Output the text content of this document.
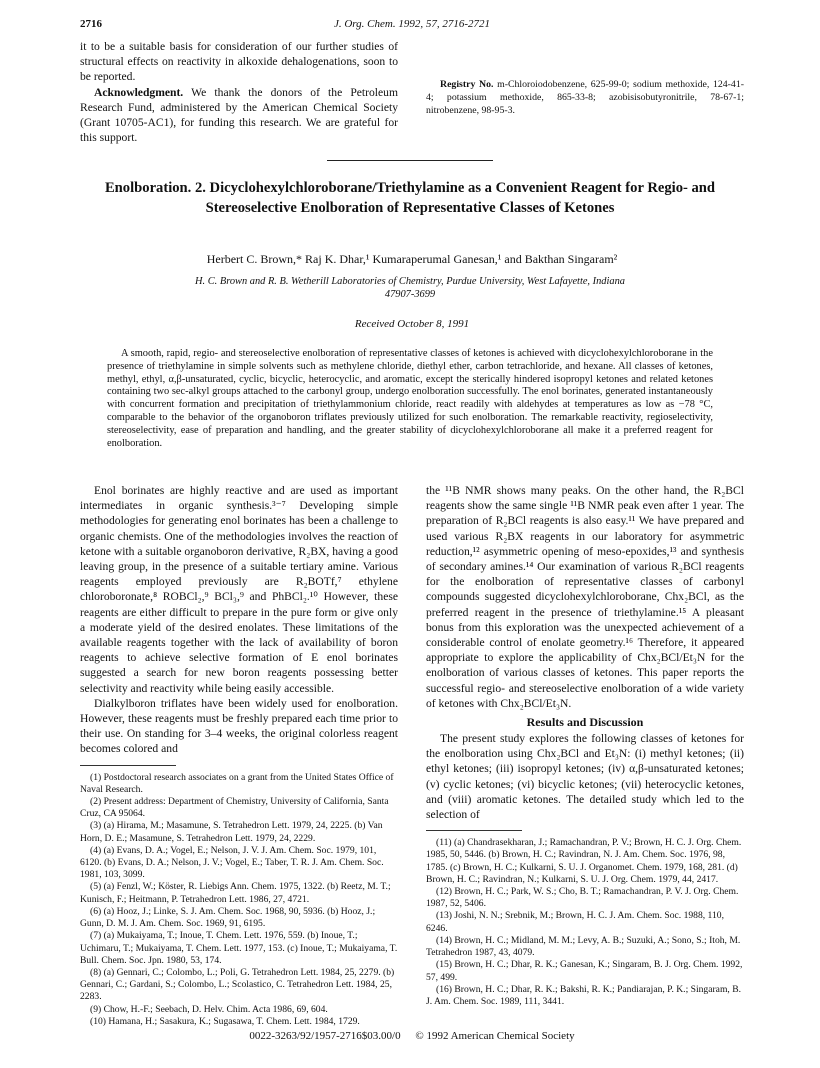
2716	J. Org. Chem. 1992, 57, 2716-2721

it to be a suitable basis for consideration of our further studies of structural effects on reactivity in alkoxide dehalogenations, soon to be reported.

Acknowledgment. We thank the donors of the Petroleum Research Fund, administered by the American Chemical Society (Grant 10705-AC1), for funding this research. We are grateful for this support.

Registry No. m-Chloroiodobenzene, 625-99-0; sodium methoxide, 124-41-4; potassium methoxide, 865-33-8; azobisisobutyronitrile, 78-67-1; nitrobenzene, 98-95-3.

Enolboration. 2. Dicyclohexylchloroborane/Triethylamine as a Convenient Reagent for Regio- and Stereoselective Enolboration of Representative Classes of Ketones

Herbert C. Brown,* Raj K. Dhar,¹ Kumaraperumal Ganesan,¹ and Bakthan Singaram²

H. C. Brown and R. B. Wetherill Laboratories of Chemistry, Purdue University, West Lafayette, Indiana 47907-3699

Received October 8, 1991

A smooth, rapid, regio- and stereoselective enolboration of representative classes of ketones is achieved with dicyclohexylchloroborane in the presence of triethylamine in simple solvents such as methylene chloride, diethyl ether, carbon tetrachloride, and hexane. All classes of ketones, methyl, ethyl, α,β-unsaturated, cyclic, bicyclic, heterocyclic, and aromatic, except the sterically hindered isopropyl ketones and related ketones containing two sec-alkyl groups attached to the carbonyl group, undergo enolboration successfully. The enol borinates, generated instantaneously with concurrent formation and precipitation of triethylammonium chloride, react readily with aldehydes at temperatures as low as −78 °C, comparable to the behavior of the organoboron triflates previously utilized for such enolboration. The remarkable reactivity, regioselectivity, stereoselectivity, ease of preparation and handling, and the greater stability of dicyclohexylchloroborane all make it a preferred reagent for enolboration.

Enol borinates are highly reactive and are used as important intermediates in organic synthesis.³⁻⁷ Developing simple methodologies for generating enol borinates has been a challenge to organic chemists. One of the methodologies involves the reaction of ketone with a suitable organoboron derivative, R₂BX, having a good leaving group, in the presence of a suitable tertiary amine. Various reagents employed previously are R₂BOTf,⁷ ethylene chloroboronate,⁸ ROBCl₂,⁹ BCl₃,⁹ and PhBCl₂.¹⁰ However, these reagents are either difficult to prepare in the pure form or give only a moderate yield of the desired enolates. These limitations of the available reagents together with the lack of availability of boron reagents to achieve selective formation of E enol borinates suggested a search for new boron reagents possessing better selectivity and reactivity while being easily accessible.

Dialkylboron triflates have been widely used for enolboration. However, these reagents must be freshly prepared each time prior to their use. On standing for 3–4 weeks, the original colorless reagent becomes colored and

(1) Postdoctoral research associates on a grant from the United States Office of Naval Research.

(2) Present address: Department of Chemistry, University of California, Santa Cruz, CA 95064.

(3) (a) Hirama, M.; Masamune, S. Tetrahedron Lett. 1979, 24, 2225. (b) Van Horn, D. E.; Masamune, S. Tetrahedron Lett. 1979, 24, 2229.

(4) (a) Evans, D. A.; Vogel, E.; Nelson, J. V. J. Am. Chem. Soc. 1979, 101, 6120. (b) Evans, D. A.; Nelson, J. V.; Vogel, E.; Taber, T. R. J. Am. Chem. Soc. 1981, 103, 3099.

(5) (a) Fenzl, W.; Köster, R. Liebigs Ann. Chem. 1975, 1322. (b) Reetz, M. T.; Kunisch, F.; Heitmann, P. Tetrahedron Lett. 1986, 27, 4721.

(6) (a) Hooz, J.; Linke, S. J. Am. Chem. Soc. 1968, 90, 5936. (b) Hooz, J.; Gunn, D. M. J. Am. Chem. Soc. 1969, 91, 6195.

(7) (a) Mukaiyama, T.; Inoue, T. Chem. Lett. 1976, 559. (b) Inoue, T.; Uchimaru, T.; Mukaiyama, T. Chem. Lett. 1977, 153. (c) Inoue, T.; Mukaiyama, T. Bull. Chem. Soc. Jpn. 1980, 53, 174.

(8) (a) Gennari, C.; Colombo, L.; Poli, G. Tetrahedron Lett. 1984, 25, 2279. (b) Gennari, C.; Gardani, S.; Colombo, L.; Scolastico, C. Tetrahedron Lett. 1984, 25, 2283.

(9) Chow, H.-F.; Seebach, D. Helv. Chim. Acta 1986, 69, 604.

(10) Hamana, H.; Sasakura, K.; Sugasawa, T. Chem. Lett. 1984, 1729.

the ¹¹B NMR shows many peaks. On the other hand, the R₂BCl reagents show the same single ¹¹B NMR peak even after 1 year. The preparation of R₂BCl reagents is also easy.¹¹ We have prepared and used various R₂BX reagents in our laboratory for asymmetric reduction,¹² asymmetric opening of meso-epoxides,¹³ and synthesis of secondary amines.¹⁴ Our examination of various R₂BCl reagents for the enolboration of representative classes of carbonyl compounds suggested dicyclohexylchloroborane, Chx₂BCl, as the preferred reagent in the presence of triethylamine.¹⁵ A pleasant bonus from this exploration was the unexpected achievement of a considerable control of enolate geometry.¹⁶ Therefore, it appeared appropriate to explore the applicability of Chx₂BCl/Et₃N for the enolboration of various classes of ketones. This paper reports the successful regio- and stereoselective enolboration of a wide variety of ketones with Chx₂BCl/Et₃N.

Results and Discussion

The present study explores the following classes of ketones for the enolboration using Chx₂BCl and Et₃N: (i) methyl ketones; (ii) ethyl ketones; (iii) isopropyl ketones; (iv) α,β-unsaturated ketones; (v) cyclic ketones; (vi) bicyclic ketones; (vii) heterocyclic ketones, and (viii) aromatic ketones. The detailed study which led to the selection of

(11) (a) Chandrasekharan, J.; Ramachandran, P. V.; Brown, H. C. J. Org. Chem. 1985, 50, 5446. (b) Brown, H. C.; Ravindran, N. J. Am. Chem. Soc. 1976, 98, 1785. (c) Brown, H. C.; Kulkarni, S. U. J. Organomet. Chem. 1979, 168, 281. (d) Brown, H. C.; Ravindran, N.; Kulkarni, S. U. J. Org. Chem. 1979, 44, 2417.

(12) Brown, H. C.; Park, W. S.; Cho, B. T.; Ramachandran, P. V. J. Org. Chem. 1987, 52, 5406.

(13) Joshi, N. N.; Srebnik, M.; Brown, H. C. J. Am. Chem. Soc. 1988, 110, 6246.

(14) Brown, H. C.; Midland, M. M.; Levy, A. B.; Suzuki, A.; Sono, S.; Itoh, M. Tetrahedron 1987, 43, 4079.

(15) Brown, H. C.; Dhar, R. K.; Ganesan, K.; Singaram, B. J. Org. Chem. 1992, 57, 499.

(16) Brown, H. C.; Dhar, R. K.; Bakshi, R. K.; Pandiarajan, P. K.; Singaram, B. J. Am. Chem. Soc. 1989, 111, 3441.

0022-3263/92/1957-2716$03.00/0 © 1992 American Chemical Society
